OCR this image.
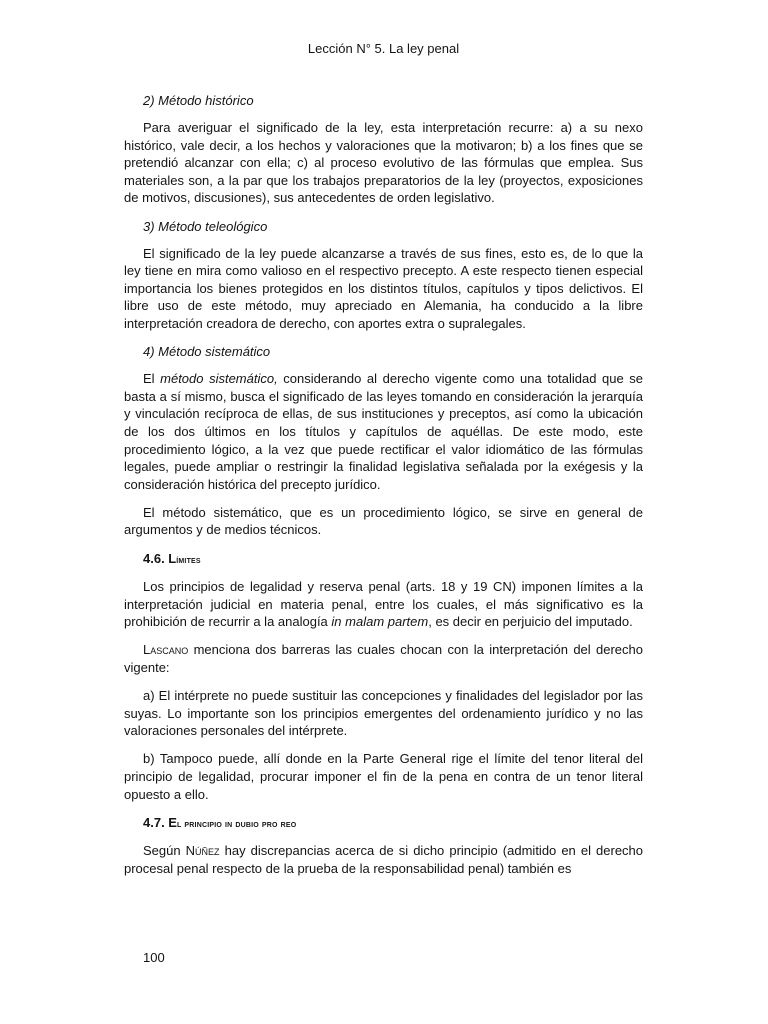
Lección N° 5. La ley penal

2) Método histórico

Para averiguar el significado de la ley, esta interpretación recurre: a) a su nexo histórico, vale decir, a los hechos y valoraciones que la motivaron; b) a los fines que se pretendió alcanzar con ella; c) al proceso evolutivo de las fórmulas que emplea. Sus materiales son, a la par que los trabajos preparatorios de la ley (proyectos, exposiciones de motivos, discusiones), sus antecedentes de orden legislativo.

3) Método teleológico

El significado de la ley puede alcanzarse a través de sus fines, esto es, de lo que la ley tiene en mira como valioso en el respectivo precepto. A este respecto tienen especial importancia los bienes protegidos en los distintos títulos, capítulos y tipos delictivos. El libre uso de este método, muy apreciado en Alemania, ha conducido a la libre interpretación creadora de derecho, con aportes extra o supralegales.

4) Método sistemático

El método sistemático, considerando al derecho vigente como una totalidad que se basta a sí mismo, busca el significado de las leyes tomando en consideración la jerarquía y vinculación recíproca de ellas, de sus instituciones y preceptos, así como la ubicación de los dos últimos en los títulos y capítulos de aquéllas. De este modo, este procedimiento lógico, a la vez que puede rectificar el valor idiomático de las fórmulas legales, puede ampliar o restringir la finalidad legislativa señalada por la exégesis y la consideración histórica del precepto jurídico.

El método sistemático, que es un procedimiento lógico, se sirve en general de argumentos y de medios técnicos.

4.6. Límites

Los principios de legalidad y reserva penal (arts. 18 y 19 CN) imponen límites a la interpretación judicial en materia penal, entre los cuales, el más significativo es la prohibición de recurrir a la analogía in malam partem, es decir en perjuicio del imputado.

Lascano menciona dos barreras las cuales chocan con la interpretación del derecho vigente:

a) El intérprete no puede sustituir las concepciones y finalidades del legislador por las suyas. Lo importante son los principios emergentes del ordenamiento jurídico y no las valoraciones personales del intérprete.

b) Tampoco puede, allí donde en la Parte General rige el límite del tenor literal del principio de legalidad, procurar imponer el fin de la pena en contra de un tenor literal opuesto a ello.

4.7. El principio in dubio pro reo

Según Núñez hay discrepancias acerca de si dicho principio (admitido en el derecho procesal penal respecto de la prueba de la responsabilidad penal) también es

100
